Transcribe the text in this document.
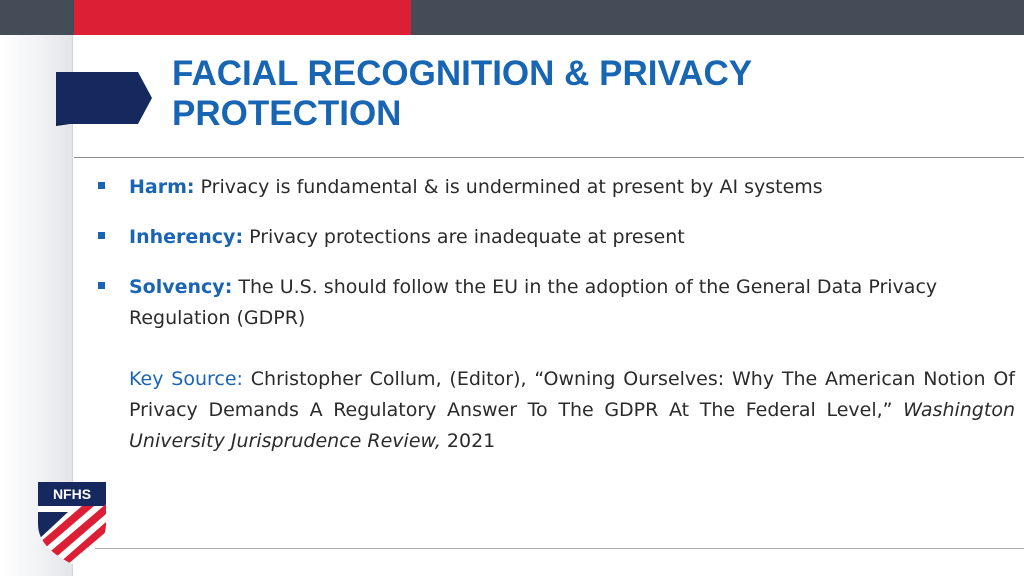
FACIAL RECOGNITION & PRIVACY PROTECTION
Harm: Privacy is fundamental & is undermined at present by AI systems
Inherency: Privacy protections are inadequate at present
Solvency: The U.S. should follow the EU in the adoption of the General Data Privacy Regulation (GDPR)

Key Source: Christopher Collum, (Editor), “Owning Ourselves: Why The American Notion Of Privacy Demands A Regulatory Answer To The GDPR At The Federal Level,” Washington University Jurisprudence Review, 2021

NFHS
